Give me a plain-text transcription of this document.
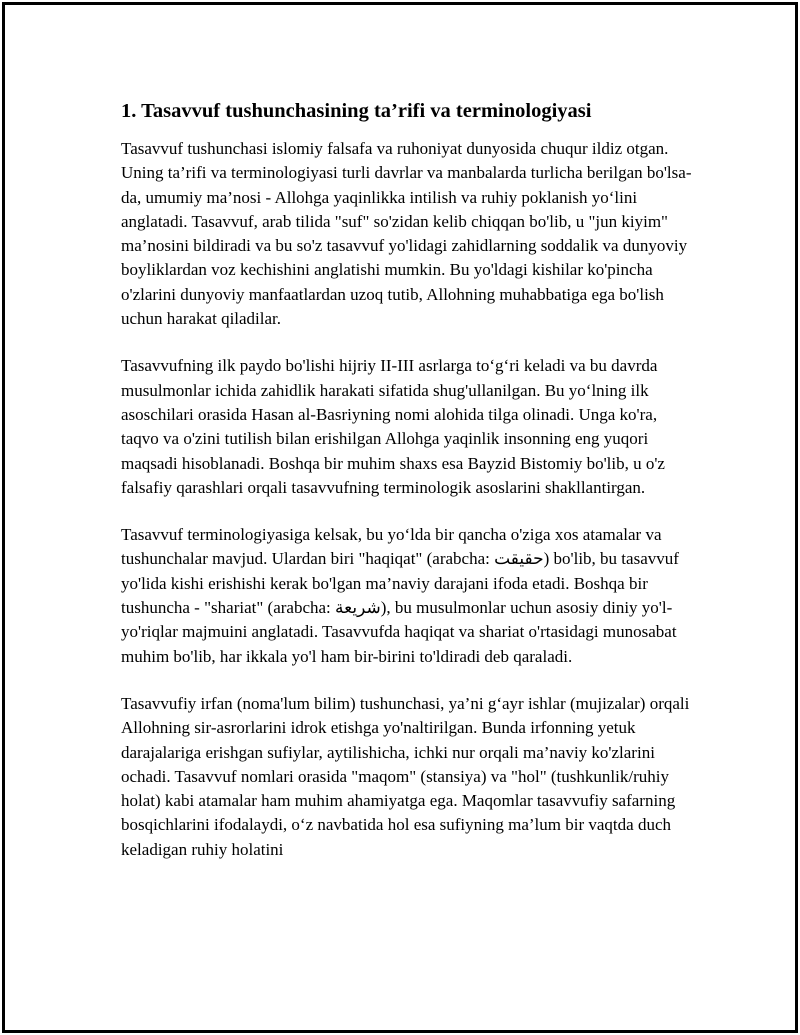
1. Tasavvuf tushunchasining ta’rifi va terminologiyasi

Tasavvuf tushunchasi islomiy falsafa va ruhoniyat dunyosida chuqur ildiz otgan. Uning ta’rifi va terminologiyasi turli davrlar va manbalarda turlicha berilgan bo'lsa-da, umumiy ma’nosi - Allohga yaqinlikka intilish va ruhiy poklanish yo‘lini anglatadi. Tasavvuf, arab tilida "suf" so'zidan kelib chiqqan bo'lib, u "jun kiyim" ma’nosini bildiradi va bu so'z tasavvuf yo'lidagi zahidlarning soddalik va dunyoviy boyliklardan voz kechishini anglatishi mumkin. Bu yo'ldagi kishilar ko'pincha o'zlarini dunyoviy manfaatlardan uzoq tutib, Allohning muhabbatiga ega bo'lish uchun harakat qiladilar.

Tasavvufning ilk paydo bo'lishi hijriy II-III asrlarga to‘g‘ri keladi va bu davrda musulmonlar ichida zahidlik harakati sifatida shug'ullanilgan. Bu yo‘lning ilk asoschilari orasida Hasan al-Basriyning nomi alohida tilga olinadi. Unga ko'ra, taqvo va o'zini tutilish bilan erishilgan Allohga yaqinlik insonning eng yuqori maqsadi hisoblanadi. Boshqa bir muhim shaxs esa Bayzid Bistomiy bo'lib, u o'z falsafiy qarashlari orqali tasavvufning terminologik asoslarini shakllantirgan.

Tasavvuf terminologiyasiga kelsak, bu yo‘lda bir qancha o'ziga xos atamalar va tushunchalar mavjud. Ulardan biri "haqiqat" (arabcha: حقيقت) bo'lib, bu tasavvuf yo'lida kishi erishishi kerak bo'lgan ma’naviy darajani ifoda etadi. Boshqa bir tushuncha - "shariat" (arabcha: شريعة), bu musulmonlar uchun asosiy diniy yo'l-yo'riqlar majmuini anglatadi. Tasavvufda haqiqat va shariat o'rtasidagi munosabat muhim bo'lib, har ikkala yo'l ham bir-birini to'ldiradi deb qaraladi.

Tasavvufiy irfan (noma'lum bilim) tushunchasi, ya’ni g‘ayr ishlar (mujizalar) orqali Allohning sir-asrorlarini idrok etishga yo'naltirilgan. Bunda irfonning yetuk darajalariga erishgan sufiylar, aytilishicha, ichki nur orqali ma’naviy ko'zlarini ochadi. Tasavvuf nomlari orasida "maqom" (stansiya) va "hol" (tushkunlik/ruhiy holat) kabi atamalar ham muhim ahamiyatga ega. Maqomlar tasavvufiy safarning bosqichlarini ifodalaydi, o‘z navbatida hol esa sufiyning ma’lum bir vaqtda duch keladigan ruhiy holatini
